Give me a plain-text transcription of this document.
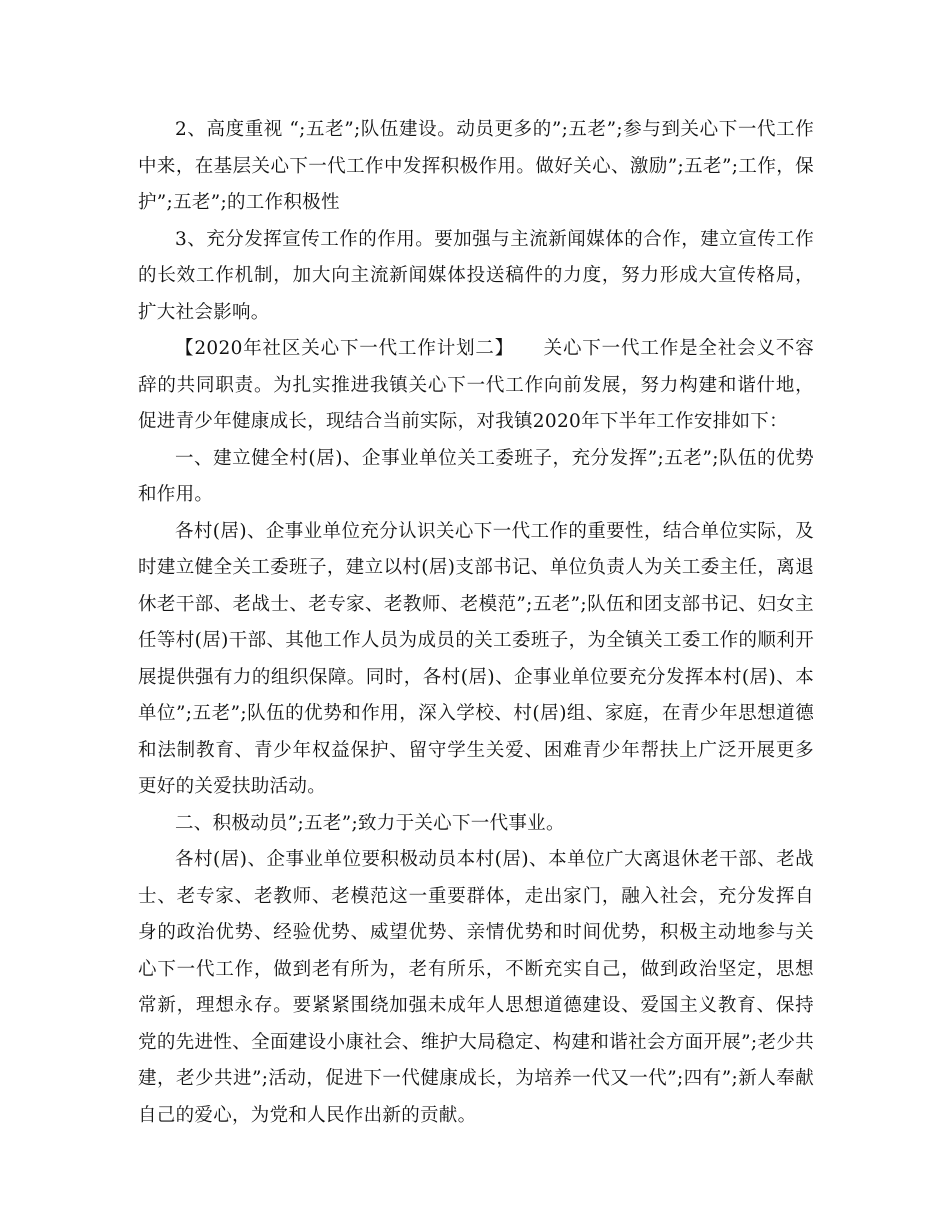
2、高度重视 “;五老”;队伍建设。动员更多的”;五老”;参与到关心下一代工作中来，在基层关心下一代工作中发挥积极作用。做好关心、激励”;五老”;工作，保护”;五老”;的工作积极性

3、充分发挥宣传工作的作用。要加强与主流新闻媒体的合作，建立宣传工作的长效工作机制，加大向主流新闻媒体投送稿件的力度，努力形成大宣传格局，扩大社会影响。

【2020年社区关心下一代工作计划二】　　关心下一代工作是全社会义不容辞的共同职责。为扎实推进我镇关心下一代工作向前发展，努力构建和谐什地，促进青少年健康成长，现结合当前实际，对我镇2020年下半年工作安排如下：

一、建立健全村(居)、企事业单位关工委班子，充分发挥”;五老”;队伍的优势和作用。

各村(居)、企事业单位充分认识关心下一代工作的重要性，结合单位实际，及时建立健全关工委班子，建立以村(居)支部书记、单位负责人为关工委主任，离退休老干部、老战士、老专家、老教师、老模范”;五老”;队伍和团支部书记、妇女主任等村(居)干部、其他工作人员为成员的关工委班子，为全镇关工委工作的顺利开展提供强有力的组织保障。同时，各村(居)、企事业单位要充分发挥本村(居)、本单位”;五老”;队伍的优势和作用，深入学校、村(居)组、家庭，在青少年思想道德和法制教育、青少年权益保护、留守学生关爱、困难青少年帮扶上广泛开展更多更好的关爱扶助活动。

二、积极动员”;五老”;致力于关心下一代事业。

各村(居)、企事业单位要积极动员本村(居)、本单位广大离退休老干部、老战士、老专家、老教师、老模范这一重要群体，走出家门，融入社会，充分发挥自身的政治优势、经验优势、威望优势、亲情优势和时间优势，积极主动地参与关心下一代工作，做到老有所为，老有所乐，不断充实自己，做到政治坚定，思想常新，理想永存。要紧紧围绕加强未成年人思想道德建设、爱国主义教育、保持党的先进性、全面建设小康社会、维护大局稳定、构建和谐社会方面开展”;老少共建，老少共进”;活动，促进下一代健康成长，为培养一代又一代”;四有”;新人奉献自己的爱心，为党和人民作出新的贡献。
